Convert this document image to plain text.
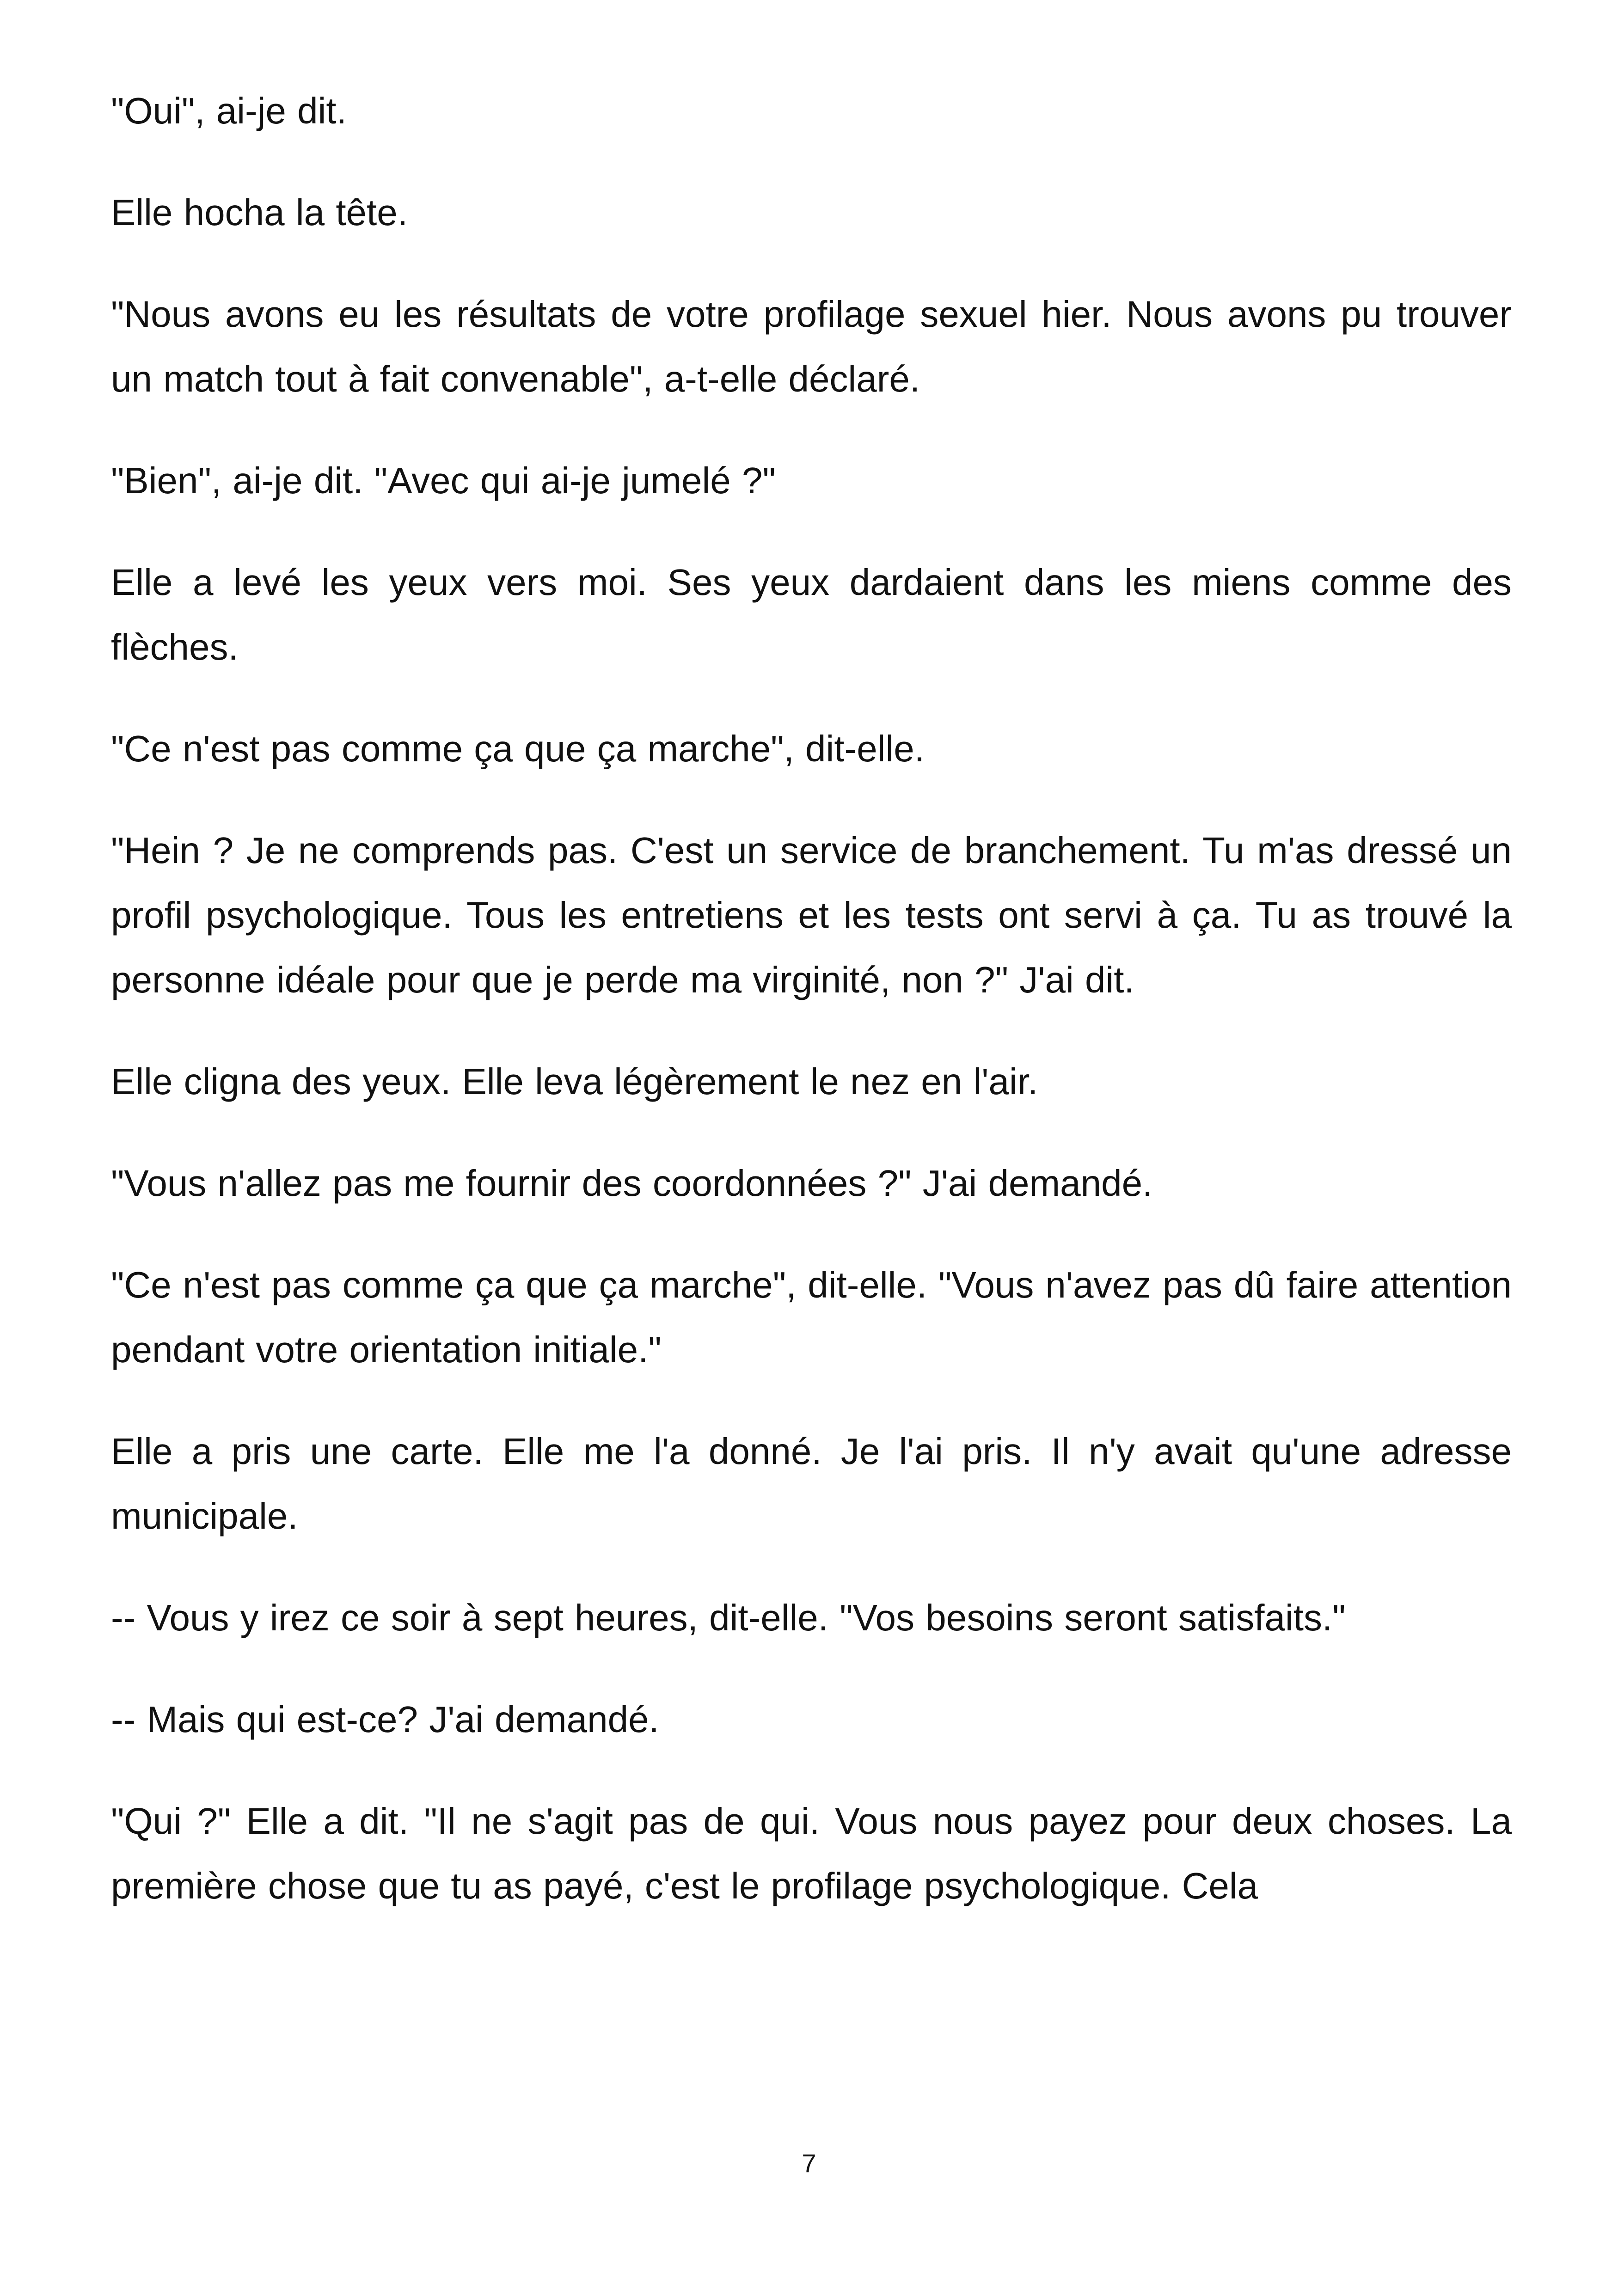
"Oui", ai-je dit.

Elle hocha la tête.

"Nous avons eu les résultats de votre profilage sexuel hier. Nous avons pu trouver un match tout à fait convenable", a-t-elle déclaré.

"Bien", ai-je dit. "Avec qui ai-je jumelé ?"

Elle a levé les yeux vers moi. Ses yeux dardaient dans les miens comme des flèches.

"Ce n'est pas comme ça que ça marche", dit-elle.

"Hein ? Je ne comprends pas. C'est un service de branchement. Tu m'as dressé un profil psychologique. Tous les entretiens et les tests ont servi à ça. Tu as trouvé la personne idéale pour que je perde ma virginité, non ?" J'ai dit.

Elle cligna des yeux. Elle leva légèrement le nez en l'air.

"Vous n'allez pas me fournir des coordonnées ?" J'ai demandé.

"Ce n'est pas comme ça que ça marche", dit-elle. "Vous n'avez pas dû faire attention pendant votre orientation initiale."

Elle a pris une carte. Elle me l'a donné. Je l'ai pris. Il n'y avait qu'une adresse municipale.

-- Vous y irez ce soir à sept heures, dit-elle. "Vos besoins seront satisfaits."

-- Mais qui est-ce? J'ai demandé.

"Qui ?" Elle a dit. "Il ne s'agit pas de qui. Vous nous payez pour deux choses. La première chose que tu as payé, c'est le profilage psychologique. Cela

7
